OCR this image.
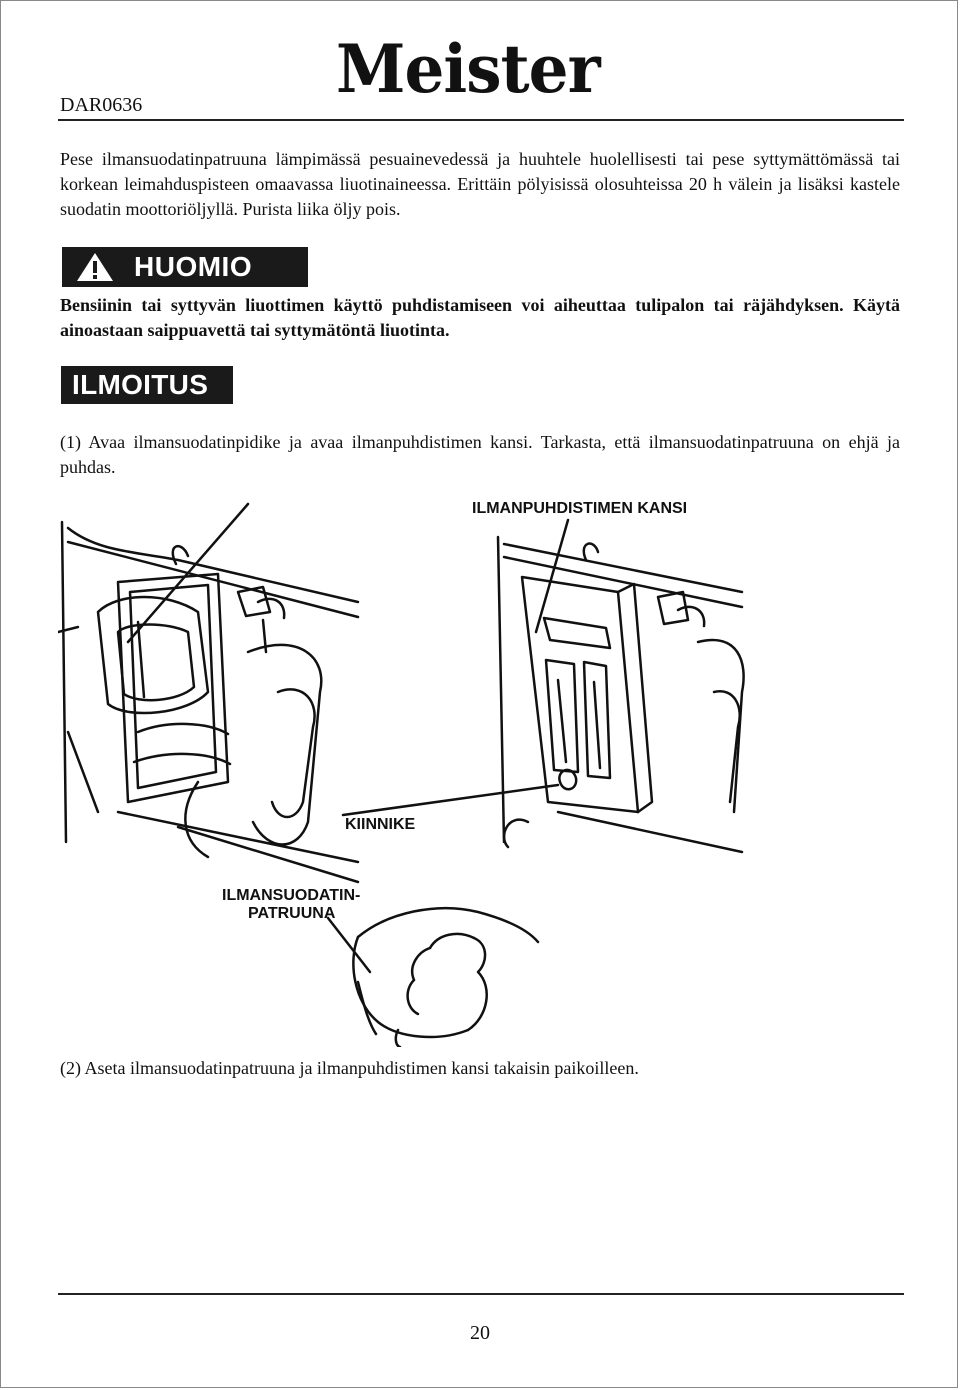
DAR0636	Meister

Pese ilmansuodatinpatruuna lämpimässä pesuainevedessä ja huuhtele huolellisesti tai pese syttymättömässä tai korkean leimahduspisteen omaavassa liuotinaineessa. Erittäin pölyisissä olosuhteissa 20 h välein ja lisäksi kastele suodatin moottoriöljyllä. Purista liika öljy pois.

HUOMIO

Bensiinin tai syttyvän liuottimen käyttö puhdistamiseen voi aiheuttaa tulipalon tai räjähdyksen. Käytä ainoastaan saippuavettä tai syttymätöntä liuotinta.

ILMOITUS

(1) Avaa ilmansuodatinpidike ja avaa ilmanpuhdistimen kansi. Tarkasta, että ilmansuodatinpatruuna on ehjä ja puhdas.

ILMANPUHDISTIMEN KANSI
KIINNIKE
ILMANSUODATIN-
PATRUUNA

(2) Aseta ilmansuodatinpatruuna ja ilmanpuhdistimen kansi takaisin paikoilleen.

20
